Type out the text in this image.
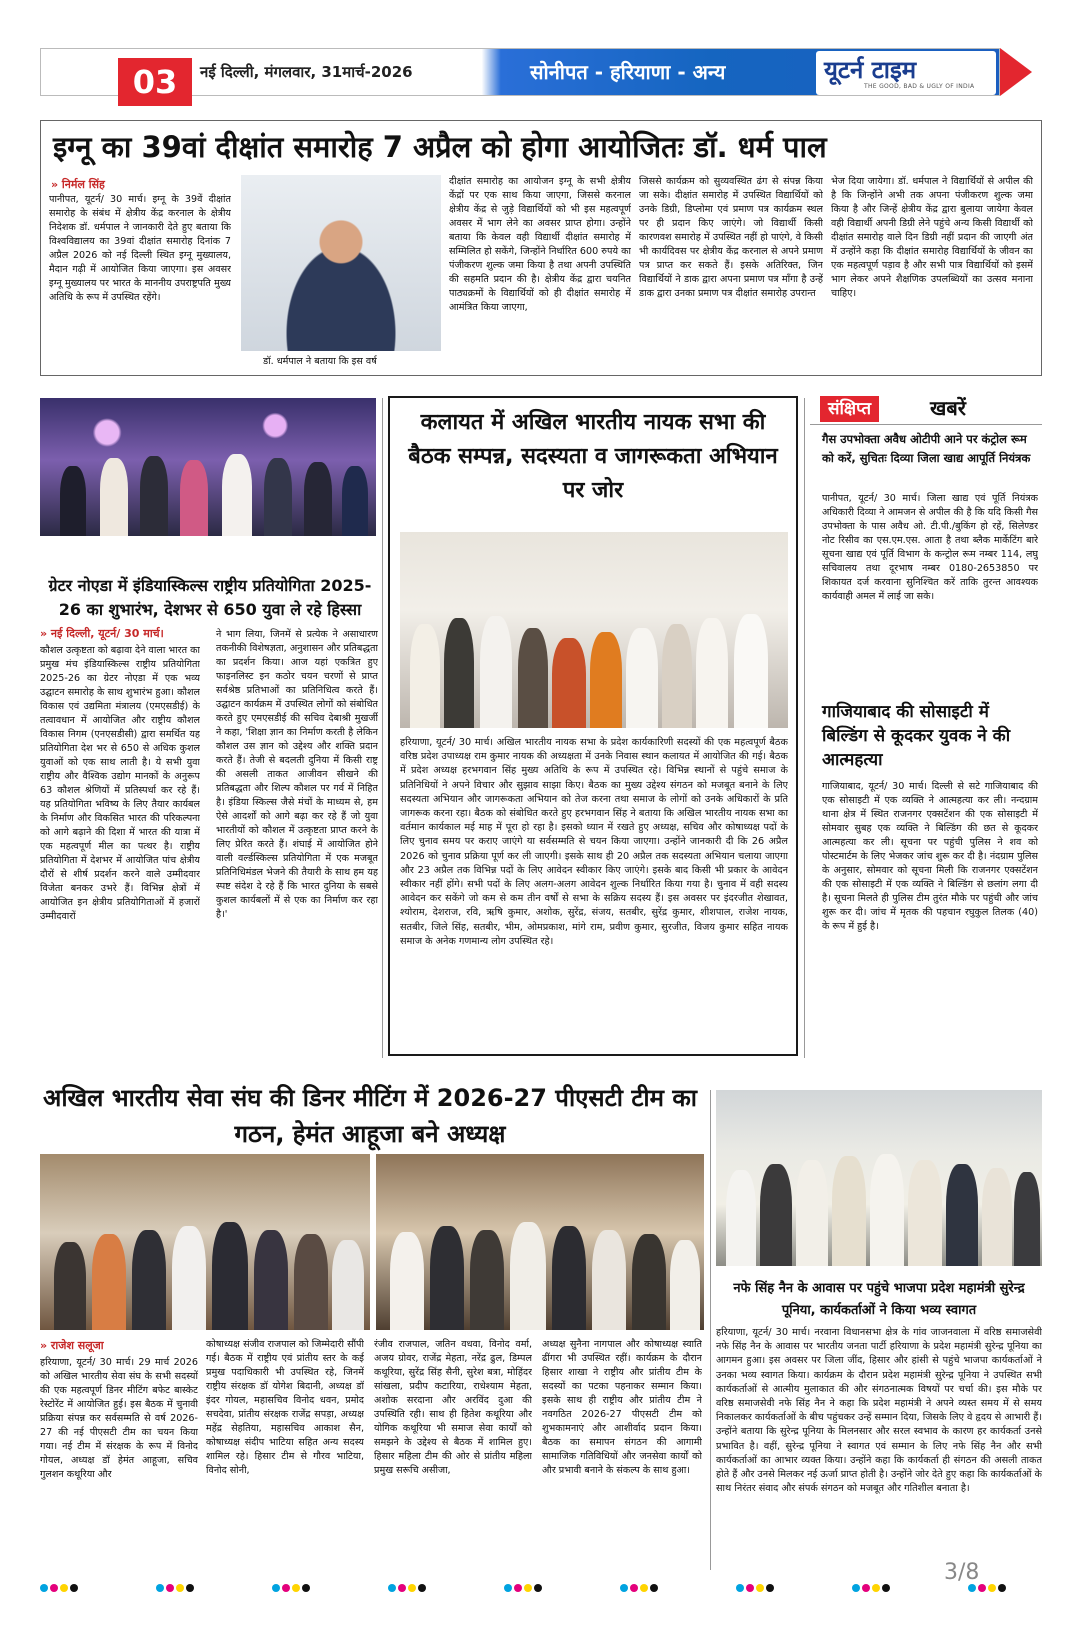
03	नई दिल्ली, मंगलवार, 31मार्च-2026	सोनीपत - हरियाणा - अन्य	यूटर्न टाइम
THE GOOD, BAD & UGLY OF INDIA
इग्नू का 39वां दीक्षांत समारोह 7 अप्रैल को होगा आयोजितः डॉ. धर्म पाल
» निर्मल सिंह
पानीपत, यूटर्न/ 30 मार्च। इग्नू के 39वें दीक्षांत समारोह के संबंध में क्षेत्रीय केंद्र करनाल के क्षेत्रीय निदेशक डॉ. धर्मपाल ने जानकारी देते हुए बताया कि विश्वविद्यालय का 39वां दीक्षांत समारोह दिनांक 7 अप्रैल 2026 को नई दिल्ली स्थित इग्नू मुख्यालय, मैदान गढ़ी में आयोजित किया जाएगा। इस अवसर इग्नू मुख्यालय पर भारत के माननीय उपराष्ट्रपति मुख्य अतिथि के रूप में उपस्थित रहेंगे।
डॉ. धर्मपाल ने बताया कि इस वर्ष
दीक्षांत समारोह का आयोजन इग्नू के सभी क्षेत्रीय केंद्रों पर एक साथ किया जाएगा, जिससे करनाल क्षेत्रीय केंद्र से जुड़े विद्यार्थियों को भी इस महत्वपूर्ण अवसर में भाग लेने का अवसर प्राप्त होगा। उन्होंने बताया कि केवल वही विद्यार्थी दीक्षांत समारोह में सम्मिलित हो सकेंगे, जिन्होंने निर्धारित 600 रुपये का पंजीकरण शुल्क जमा किया है तथा अपनी उपस्थिति की सहमति प्रदान की है। क्षेत्रीय केंद्र द्वारा चयनित पाठ्यक्रमों के विद्यार्थियों को ही दीक्षांत समारोह में आमंत्रित किया जाएगा,
जिससे कार्यक्रम को सुव्यवस्थित ढंग से संपन्न किया जा सके। दीक्षांत समारोह में उपस्थित विद्यार्थियों को उनके डिग्री, डिप्लोमा एवं प्रमाण पत्र कार्यक्रम स्थल पर ही प्रदान किए जाएंगे। जो विद्यार्थी किसी कारणवश समारोह में उपस्थित नहीं हो पाएंगे, वे किसी भी कार्यदिवस पर क्षेत्रीय केंद्र करनाल से अपने प्रमाण पत्र प्राप्त कर सकते हैं। इसके अतिरिक्त, जिन विद्यार्थियों ने डाक द्वारा अपना प्रमाण पत्र माँगा है उन्हें डाक द्वारा उनका प्रमाण पत्र दीक्षांत समारोह उपरान्त
भेज दिया जायेगा। डॉ. धर्मपाल ने विद्यार्थियों से अपील की है कि जिन्होंने अभी तक अपना पंजीकरण शुल्क जमा किया है और जिन्हें क्षेत्रीय केंद्र द्वारा बुलाया जायेगा केवल वही विद्यार्थी अपनी डिग्री लेने पहुंचे अन्य किसी विद्यार्थी को दीक्षांत समारोह वाले दिन डिग्री नहीं प्रदान की जाएगी अंत में उन्होंने कहा कि दीक्षांत समारोह विद्यार्थियों के जीवन का एक महत्वपूर्ण पड़ाव है और सभी पात्र विद्यार्थियों को इसमें भाग लेकर अपने शैक्षणिक उपलब्धियों का उत्सव मनाना चाहिए।
ग्रेटर नोएडा में इंडियास्किल्स राष्ट्रीय प्रतियोगिता 2025-26 का शुभारंभ, देशभर से 650 युवा ले रहे हिस्सा
» नई दिल्ली, यूटर्न/ 30 मार्च।
कौशल उत्कृष्टता को बढ़ावा देने वाला भारत का प्रमुख मंच इंडियास्किल्स राष्ट्रीय प्रतियोगिता 2025-26 का ग्रेटर नोएडा में एक भव्य उद्घाटन समारोह के साथ शुभारंभ हुआ। कौशल विकास एवं उद्यमिता मंत्रालय (एमएसडीई) के तत्वावधान में आयोजित और राष्ट्रीय कौशल विकास निगम (एनएसडीसी) द्वारा समर्थित यह प्रतियोगिता देश भर से 650 से अधिक कुशल युवाओं को एक साथ लाती है। ये सभी युवा राष्ट्रीय और वैश्विक उद्योग मानकों के अनुरूप 63 कौशल श्रेणियों में प्रतिस्पर्धा कर रहे हैं। यह प्रतियोगिता भविष्य के लिए तैयार कार्यबल के निर्माण और विकसित भारत की परिकल्पना को आगे बढ़ाने की दिशा में भारत की यात्रा में एक महत्वपूर्ण मील का पत्थर है। राष्ट्रीय प्रतियोगिता में देशभर में आयोजित पांच क्षेत्रीय दौरों से शीर्ष प्रदर्शन करने वाले उम्मीदवार विजेता बनकर उभरे हैं। विभिन्न क्षेत्रों में आयोजित इन क्षेत्रीय प्रतियोगिताओं में हजारों उम्मीदवारों
ने भाग लिया, जिनमें से प्रत्येक ने असाधारण तकनीकी विशेषज्ञता, अनुशासन और प्रतिबद्धता का प्रदर्शन किया। आज यहां एकत्रित हुए फाइनलिस्ट इन कठोर चयन चरणों से प्राप्त सर्वश्रेष्ठ प्रतिभाओं का प्रतिनिधित्व करते हैं। उद्घाटन कार्यक्रम में उपस्थित लोगों को संबोधित करते हुए एमएसडीई की सचिव देबाश्री मुखर्जी ने कहा, 'शिक्षा ज्ञान का निर्माण करती है लेकिन कौशल उस ज्ञान को उद्देश्य और शक्ति प्रदान करते हैं। तेजी से बदलती दुनिया में किसी राष्ट्र की असली ताकत आजीवन सीखने की प्रतिबद्धता और शिल्प कौशल पर गर्व में निहित है। इंडिया स्किल्स जैसे मंचों के माध्यम से, हम ऐसे आदर्शों को आगे बढ़ा कर रहे हैं जो युवा भारतीयों को कौशल में उत्कृष्टता प्राप्त करने के लिए प्रेरित करते हैं। शंघाई में आयोजित होने वाली वर्ल्डस्किल्स प्रतियोगिता में एक मजबूत प्रतिनिधिमंडल भेजने की तैयारी के साथ हम यह स्पष्ट संदेश दे रहे हैं कि भारत दुनिया के सबसे कुशल कार्यबलों में से एक का निर्माण कर रहा है।'
कलायत में अखिल भारतीय नायक सभा की बैठक सम्पन्न, सदस्यता व जागरूकता अभियान पर जोर
हरियाणा, यूटर्न/ 30 मार्च। अखिल भारतीय नायक सभा के प्रदेश कार्यकारिणी सदस्यों की एक महत्वपूर्ण बैठक वरिष्ठ प्रदेश उपाध्यक्ष राम कुमार नायक की अध्यक्षता में उनके निवास स्थान कलायत में आयोजित की गई। बैठक में प्रदेश अध्यक्ष हरभगवान सिंह मुख्य अतिथि के रूप में उपस्थित रहे। विभिन्न स्थानों से पहुंचे समाज के प्रतिनिधियों ने अपने विचार और सुझाव साझा किए। बैठक का मुख्य उद्देश्य संगठन को मजबूत बनाने के लिए सदस्यता अभियान और जागरूकता अभियान को तेज करना तथा समाज के लोगों को उनके अधिकारों के प्रति जागरूक करना रहा। बैठक को संबोधित करते हुए हरभगवान सिंह ने बताया कि अखिल भारतीय नायक सभा का वर्तमान कार्यकाल मई माह में पूरा हो रहा है। इसको ध्यान में रखते हुए अध्यक्ष, सचिव और कोषाध्यक्ष पदों के लिए चुनाव समय पर कराए जाएंगे या सर्वसम्मति से चयन किया जाएगा। उन्होंने जानकारी दी कि 26 अप्रैल 2026 को चुनाव प्रक्रिया पूर्ण कर ली जाएगी। इसके साथ ही 20 अप्रैल तक सदस्यता अभियान चलाया जाएगा और 23 अप्रैल तक विभिन्न पदों के लिए आवेदन स्वीकार किए जाएंगे। इसके बाद किसी भी प्रकार के आवेदन स्वीकार नहीं होंगे। सभी पदों के लिए अलग-अलग आवेदन शुल्क निर्धारित किया गया है। चुनाव में वही सदस्य आवेदन कर सकेंगे जो कम से कम तीन वर्षों से सभा के सक्रिय सदस्य हैं। इस अवसर पर इंदरजीत शेखावत, श्योराम, देशराज, रवि, ऋषि कुमार, अशोक, सुरेंद्र, संजय, सतबीर, सुरेंद्र कुमार, शीशपाल, राजेश नायक, सतबीर, जिले सिंह, सतबीर, भीम, ओमप्रकाश, मांगे राम, प्रवीण कुमार, सुरजीत, विजय कुमार सहित नायक समाज के अनेक गणमान्य लोग उपस्थित रहे।
संक्षिप्त	खबरें
गैस उपभोक्ता अवैध ओटीपी आने पर कंट्रोल रूम को करें, सुचितः दिव्या जिला खाद्य आपूर्ति नियंत्रक
पानीपत, यूटर्न/ 30 मार्च। जिला खाद्य एवं पूर्ति नियंत्रक अधिकारी दिव्या ने आमजन से अपील की है कि यदि किसी गैस उपभोक्ता के पास अवैध ओ. टी.पी./बुकिंग हो रहें, सिलेण्डर नोट रिसीव का एस.एम.एस. आता है तथा ब्लैक मार्केटिंग बारे सूचना खाद्य एवं पूर्ति विभाग के कन्ट्रोल रूम नम्बर 114, लघु सचिवालय तथा दूरभाष नम्बर 0180-2653850 पर शिकायत दर्ज करवाना सुनिश्चित करें ताकि तुरन्त आवश्यक कार्यवाही अमल में लाई जा सके।
गाजियाबाद की सोसाइटी में बिल्डिंग से कूदकर युवक ने की आत्महत्या
गाजियाबाद, यूटर्न/ 30 मार्च। दिल्ली से सटे गाजियाबाद की एक सोसाइटी में एक व्यक्ति ने आत्महत्या कर ली। नन्दग्राम थाना क्षेत्र में स्थित राजनगर एक्सटेंशन की एक सोसाइटी में सोमवार सुबह एक व्यक्ति ने बिल्डिंग की छत से कूदकर आत्महत्या कर ली। सूचना पर पहुंची पुलिस ने शव को पोस्टमार्टम के लिए भेजकर जांच शुरू कर दी है। नंदग्राम पुलिस के अनुसार, सोमवार को सूचना मिली कि राजनगर एक्सटेंशन की एक सोसाइटी में एक व्यक्ति ने बिल्डिंग से छलांग लगा दी है। सूचना मिलते ही पुलिस टीम तुरंत मौके पर पहुंची और जांच शुरू कर दी। जांच में मृतक की पहचान रघुकुल तिलक (40) के रूप में हुई है।
अखिल भारतीय सेवा संघ की डिनर मीटिंग में 2026-27 पीएसटी टीम का गठन, हेमंत आहूजा बने अध्यक्ष
» राजेश सलूजा
हरियाणा, यूटर्न/ 30 मार्च। 29 मार्च 2026 को अखिल भारतीय सेवा संघ के सभी सदस्यों की एक महत्वपूर्ण डिनर मीटिंग बफेट बास्केट रेस्टोरेंट में आयोजित हुई। इस बैठक में चुनावी प्रक्रिया संपन्न कर सर्वसम्मति से वर्ष 2026-27 की नई पीएसटी टीम का चयन किया गया। नई टीम में संरक्षक के रूप में विनोद गोयल, अध्यक्ष डॉ हेमंत आहूजा, सचिव गुलशन कथूरिया और
कोषाध्यक्ष संजीव राजपाल को जिम्मेदारी सौंपी गई। बैठक में राष्ट्रीय एवं प्रांतीय स्तर के कई प्रमुख पदाधिकारी भी उपस्थित रहे, जिनमें राष्ट्रीय संरक्षक डॉ योगेश बिदानी, अध्यक्ष डॉ इंदर गोयल, महासचिव विनोद धवन, प्रमोद सचदेवा, प्रांतीय संरक्षक राजेंद्र सपड़ा, अध्यक्ष महेंद्र सेहतिया, महासचिव आकाश सैन, कोषाध्यक्ष संदीप भाटिया सहित अन्य सदस्य शामिल रहे। हिसार टीम से गौरव भाटिया, विनोद सोनी,
रंजीव राजपाल, जतिन वधवा, विनोद वर्मा, अजय ग्रोवर, राजेंद्र मेहता, नरेंद्र ढुल, डिम्पल कथूरिया, सुरेंद्र सिंह सैनी, सुरेश बत्रा, मोहिंदर सांखला, प्रदीप कटारिया, राधेश्याम मेहता, अशोक सरदाना और अरविंद दुआ की उपस्थिति रही। साथ ही हितेश कथूरिया और योगिक कथूरिया भी समाज सेवा कार्यों को समझने के उद्देश्य से बैठक में शामिल हुए। हिसार महिला टीम की ओर से प्रांतीय महिला प्रमुख सरूचि असीजा,
अध्यक्ष सुनैना नागपाल और कोषाध्यक्ष स्वाति ढींगरा भी उपस्थित रहीं। कार्यक्रम के दौरान हिसार शाखा ने राष्ट्रीय और प्रांतीय टीम के सदस्यों का पटका पहनाकर सम्मान किया। इसके साथ ही राष्ट्रीय और प्रांतीय टीम ने नवगठित 2026-27 पीएसटी टीम को शुभकामनाएं और आशीर्वाद प्रदान किया। बैठक का समापन संगठन की आगामी सामाजिक गतिविधियों और जनसेवा कार्यों को और प्रभावी बनाने के संकल्प के साथ हुआ।
नफे सिंह नैन के आवास पर पहुंचे भाजपा प्रदेश महामंत्री सुरेन्द्र पूनिया, कार्यकर्ताओं ने किया भव्य स्वागत
हरियाणा, यूटर्न/ 30 मार्च। नरवाना विधानसभा क्षेत्र के गांव जाजनवाला में वरिष्ठ समाजसेवी नफे सिंह नैन के आवास पर भारतीय जनता पार्टी हरियाणा के प्रदेश महामंत्री सुरेन्द्र पूनिया का आगमन हुआ। इस अवसर पर जिला जींद, हिसार और हांसी से पहुंचे भाजपा कार्यकर्ताओं ने उनका भव्य स्वागत किया। कार्यक्रम के दौरान प्रदेश महामंत्री सुरेन्द्र पूनिया ने उपस्थित सभी कार्यकर्ताओं से आत्मीय मुलाकात की और संगठनात्मक विषयों पर चर्चा की। इस मौके पर वरिष्ठ समाजसेवी नफे सिंह नैन ने कहा कि प्रदेश महामंत्री ने अपने व्यस्त समय में से समय निकालकर कार्यकर्ताओं के बीच पहुंचकर उन्हें सम्मान दिया, जिसके लिए वे हृदय से आभारी हैं। उन्होंने बताया कि सुरेन्द्र पूनिया के मिलनसार और सरल स्वभाव के कारण हर कार्यकर्ता उनसे प्रभावित है। वहीं, सुरेन्द्र पूनिया ने स्वागत एवं सम्मान के लिए नफे सिंह नैन और सभी कार्यकर्ताओं का आभार व्यक्त किया। उन्होंने कहा कि कार्यकर्ता ही संगठन की असली ताकत होते हैं और उनसे मिलकर नई ऊर्जा प्राप्त होती है। उन्होंने जोर देते हुए कहा कि कार्यकर्ताओं के साथ निरंतर संवाद और संपर्क संगठन को मजबूत और गतिशील बनाता है।
3/8
